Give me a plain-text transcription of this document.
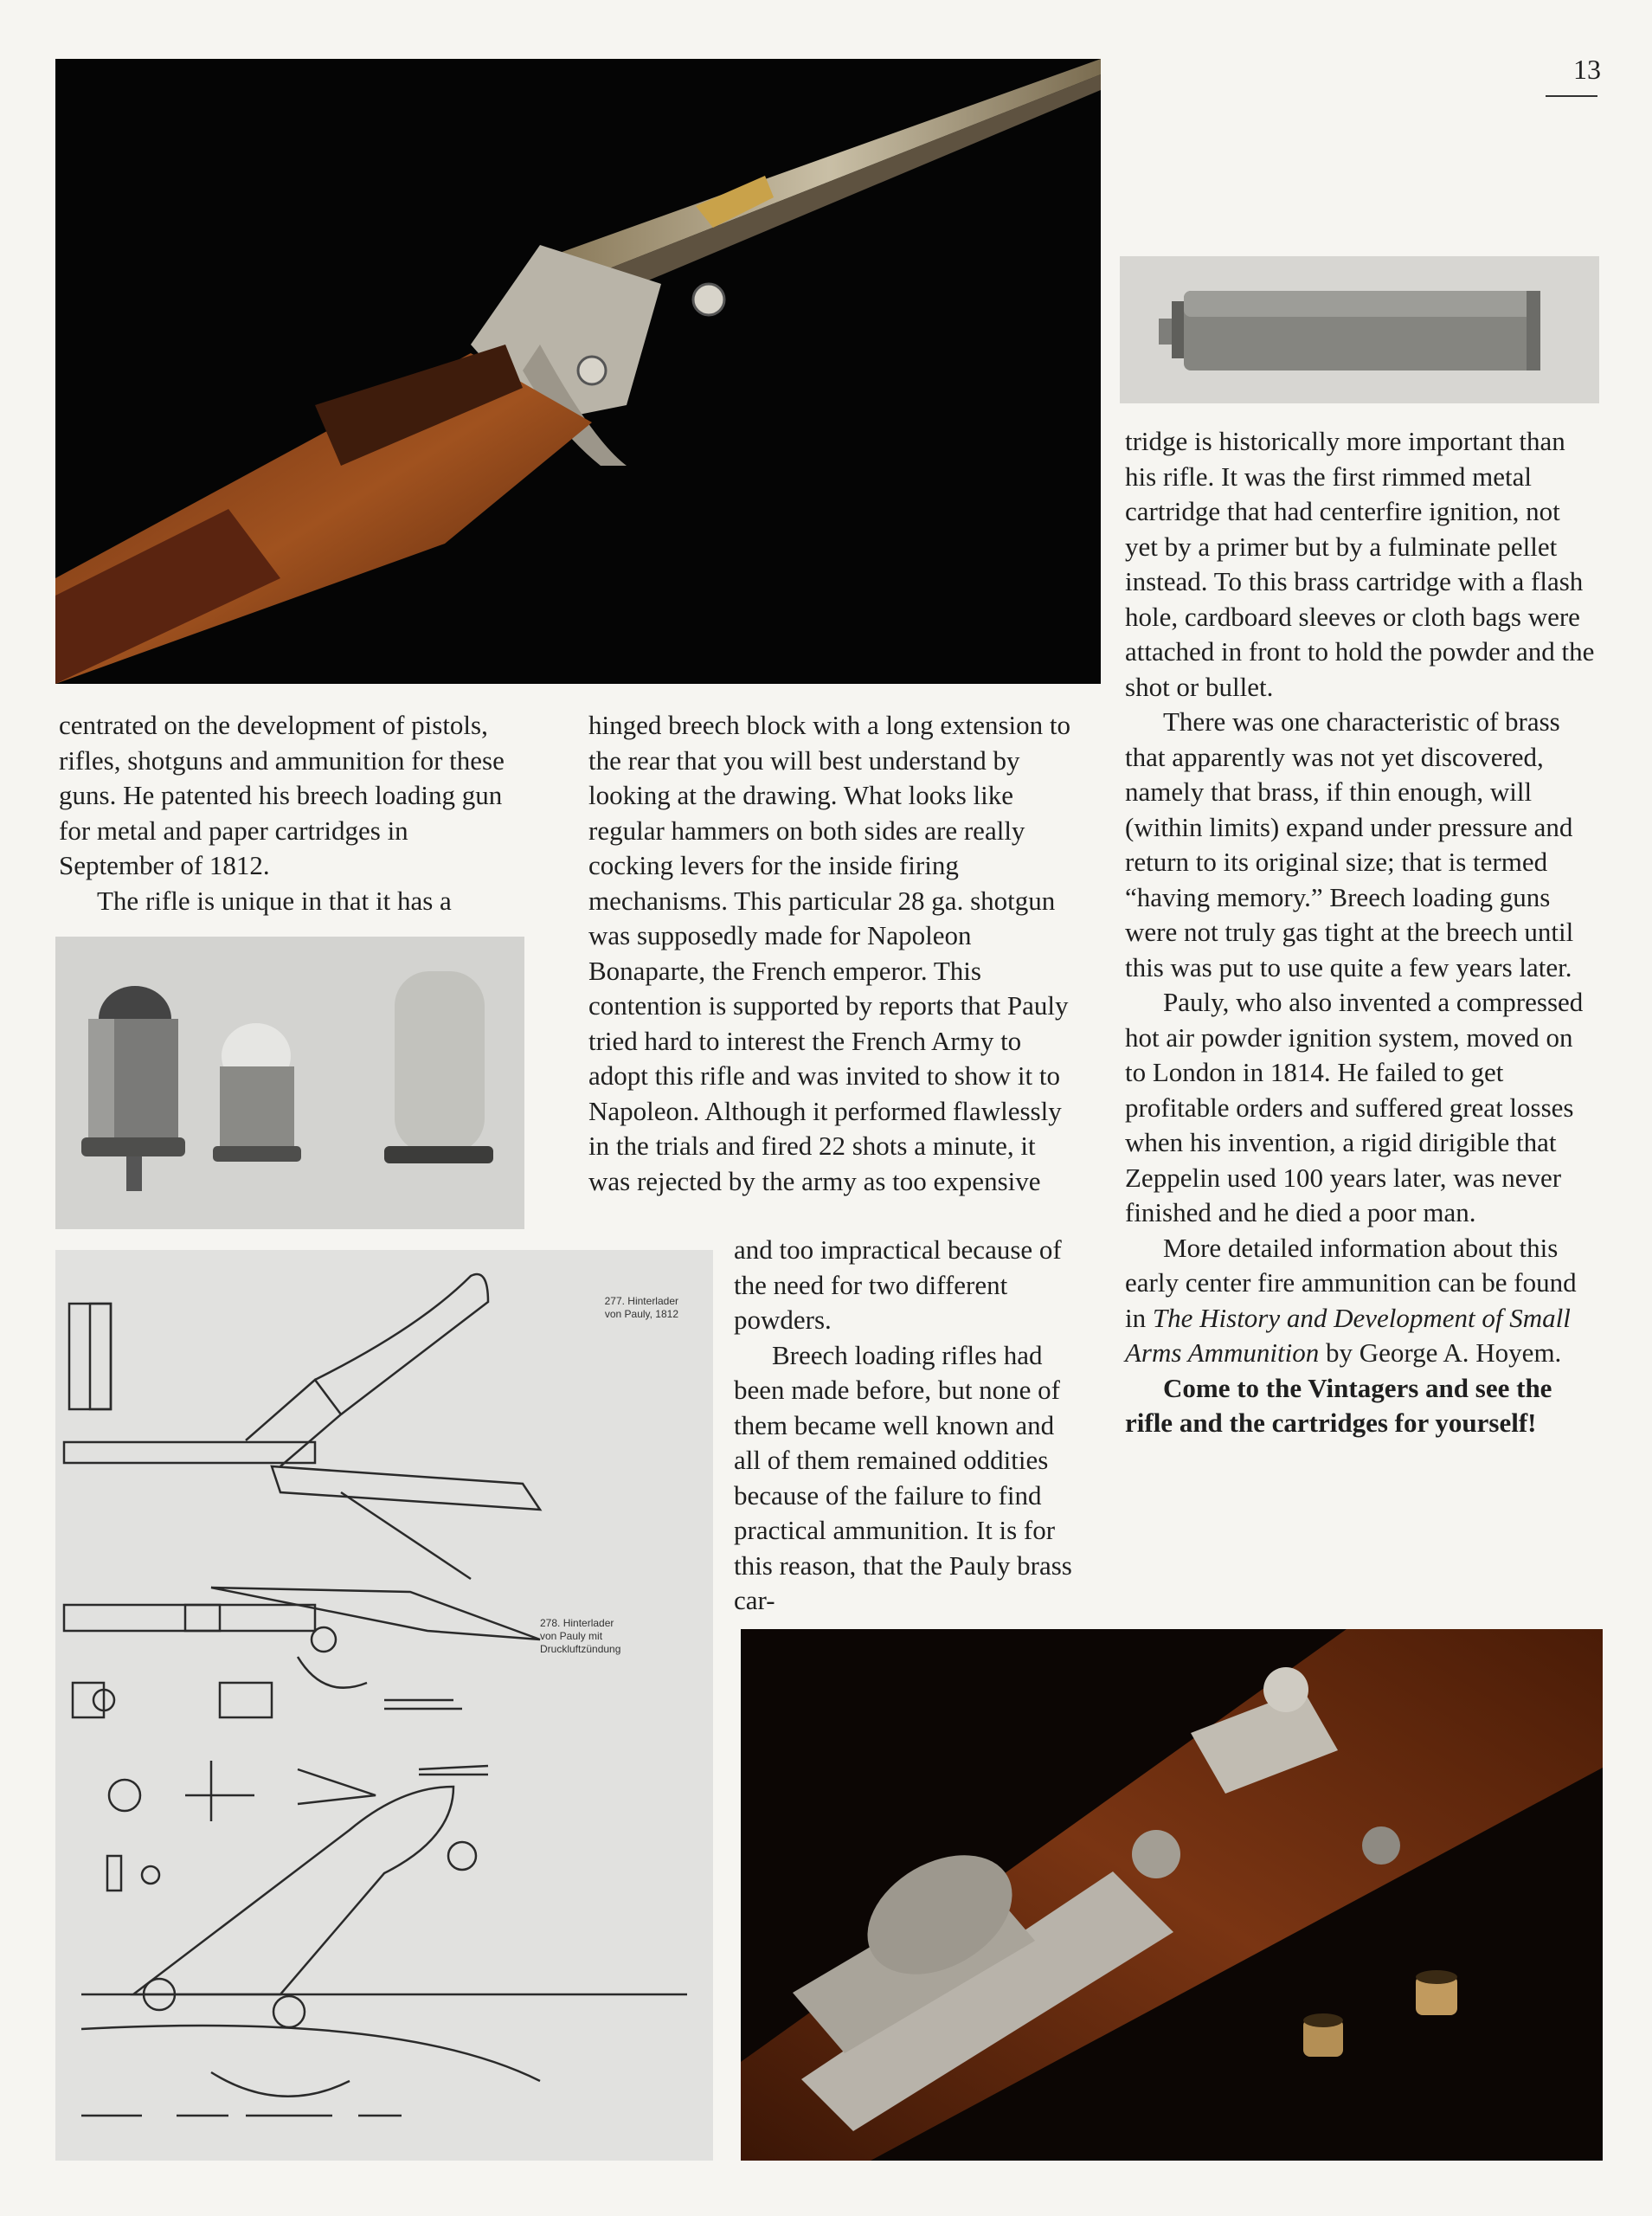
13
277. Hinterlader
von Pauly, 1812
278. Hinterlader
von Pauly mit
Druckluftzündung

centrated on the development of pistols, rifles, shotguns and ammunition for these guns. He patented his breech loading gun for metal and paper cartridges in September of 1812.

The rifle is unique in that it has a

hinged breech block with a long extension to the rear that you will best understand by looking at the drawing. What looks like regular hammers on both sides are really cocking levers for the inside firing mechanisms. This particular 28 ga. shotgun was supposedly made for Napoleon Bonaparte, the French emperor. This contention is supported by reports that Pauly tried hard to interest the French Army to adopt this rifle and was invited to show it to Napoleon. Although it performed flawlessly in the trials and fired 22 shots a minute, it was rejected by the army as too expensive

and too impractical because of the need for two different powders.

Breech loading rifles had been made before, but none of them became well known and all of them remained oddities because of the failure to find practical ammunition. It is for this reason, that the Pauly brass car-

tridge is historically more important than his rifle. It was the first rimmed metal cartridge that had centerfire ignition, not yet by a primer but by a fulminate pellet instead. To this brass cartridge with a flash hole, cardboard sleeves or cloth bags were attached in front to hold the powder and the shot or bullet.

There was one characteristic of brass that apparently was not yet discovered, namely that brass, if thin enough, will (within limits) expand under pressure and return to its original size; that is termed “having memory.” Breech loading guns were not truly gas tight at the breech until this was put to use quite a few years later.

Pauly, who also invented a compressed hot air powder ignition system, moved on to London in 1814. He failed to get profitable orders and suffered great losses when his invention, a rigid dirigible that Zeppelin used 100 years later, was never finished and he died a poor man.

More detailed information about this early center fire ammunition can be found in The History and Development of Small Arms Ammunition by George A. Hoyem.

Come to the Vintagers and see the rifle and the cartridges for yourself!
